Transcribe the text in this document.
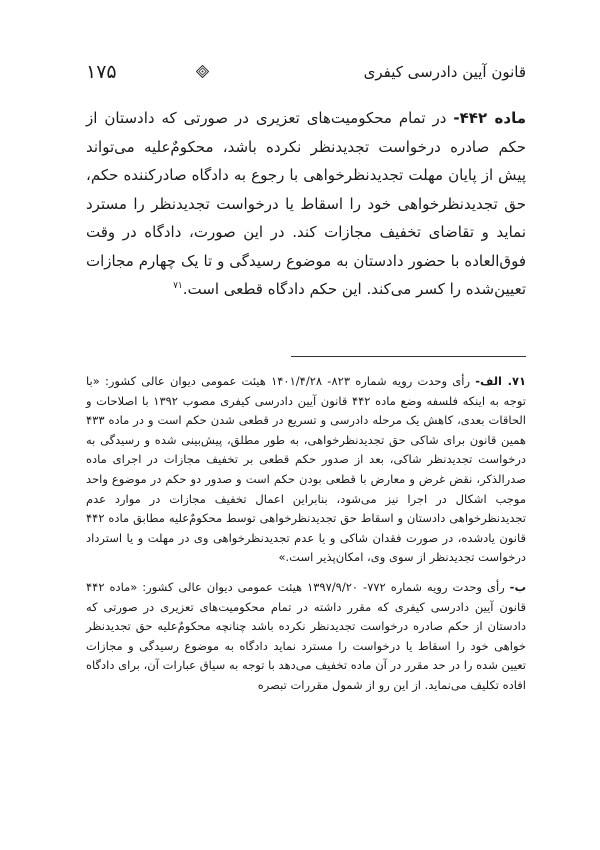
قانون آیین دادرسی کیفری
۱۷۵
ماده ۴۴۲- در تمام محکومیت‌های تعزیری در صورتی که دادستان از حکم صادره درخواست تجدیدنظر نکرده باشد، محکومٌ‌علیه می‌تواند پیش از پایان مهلت تجدیدنظرخواهی با رجوع به دادگاه صادرکننده حکم، حق تجدیدنظرخواهی خود را اسقاط یا درخواست تجدیدنظر را مسترد نماید و تقاضای تخفیف مجازات کند. در این صورت، دادگاه در وقت فوق‌العاده با حضور دادستان به موضوع رسیدگی و تا یک چهارم مجازات تعیین‌شده را کسر می‌کند. این حکم دادگاه قطعی است.$^{۷۱}$

۷۱. الف- رأی وحدت رویه شماره ۸۲۳- ۱۴۰۱/۴/۲۸ هیئت عمومی دیوان عالی کشور: «با توجه به اینکه فلسفه وضع ماده ۴۴۲ قانون آیین دادرسی کیفری مصوب ۱۳۹۲ با اصلاحات و الحاقات بعدی، کاهش یک مرحله دادرسی و تسریع در قطعی شدن حکم است و در ماده ۴۳۳ همین قانون برای شاکی حق تجدیدنظرخواهی، به طور مطلق، پیش‌بینی شده و رسیدگی به درخواست تجدیدنظر شاکی، بعد از صدور حکم قطعی بر تخفیف مجازات در اجرای ماده صدرالذکر، نقض غرض و معارض با قطعی بودن حکم است و صدور دو حکم در موضوع واحد موجب اشکال در اجرا نیز می‌شود، بنابراین اعمال تخفیف مجازات در موارد عدم تجدیدنظرخواهی دادستان و اسقاط حق تجدیدنظرخواهی توسط محکومٌ‌علیه مطابق ماده ۴۴۲ قانون یادشده، در صورت فقدان شاکی و یا عدم تجدیدنظرخواهی وی در مهلت و یا استرداد درخواست تجدیدنظر از سوی وی، امکان‌پذیر است.»

ب- رأی وحدت رویه شماره ۷۷۲- ۱۳۹۷/۹/۲۰ هیئت عمومی دیوان عالی کشور: «ماده ۴۴۲ قانون آیین دادرسی کیفری که مقرر داشته در تمام محکومیت‌های تعزیری در صورتی که دادستان از حکم صادره درخواست تجدیدنظر نکرده باشد چنانچه محکومٌ‌علیه حق تجدیدنظر خواهی خود را اسقاط یا درخواست را مسترد نماید دادگاه به موضوع رسیدگی و مجازات تعیین شده را در حد مقرر در آن ماده تخفیف می‌دهد با توجه به سیاق عبارات آن، برای دادگاه افاده تکلیف می‌نماید. از این رو از شمول مقررات تبصره
